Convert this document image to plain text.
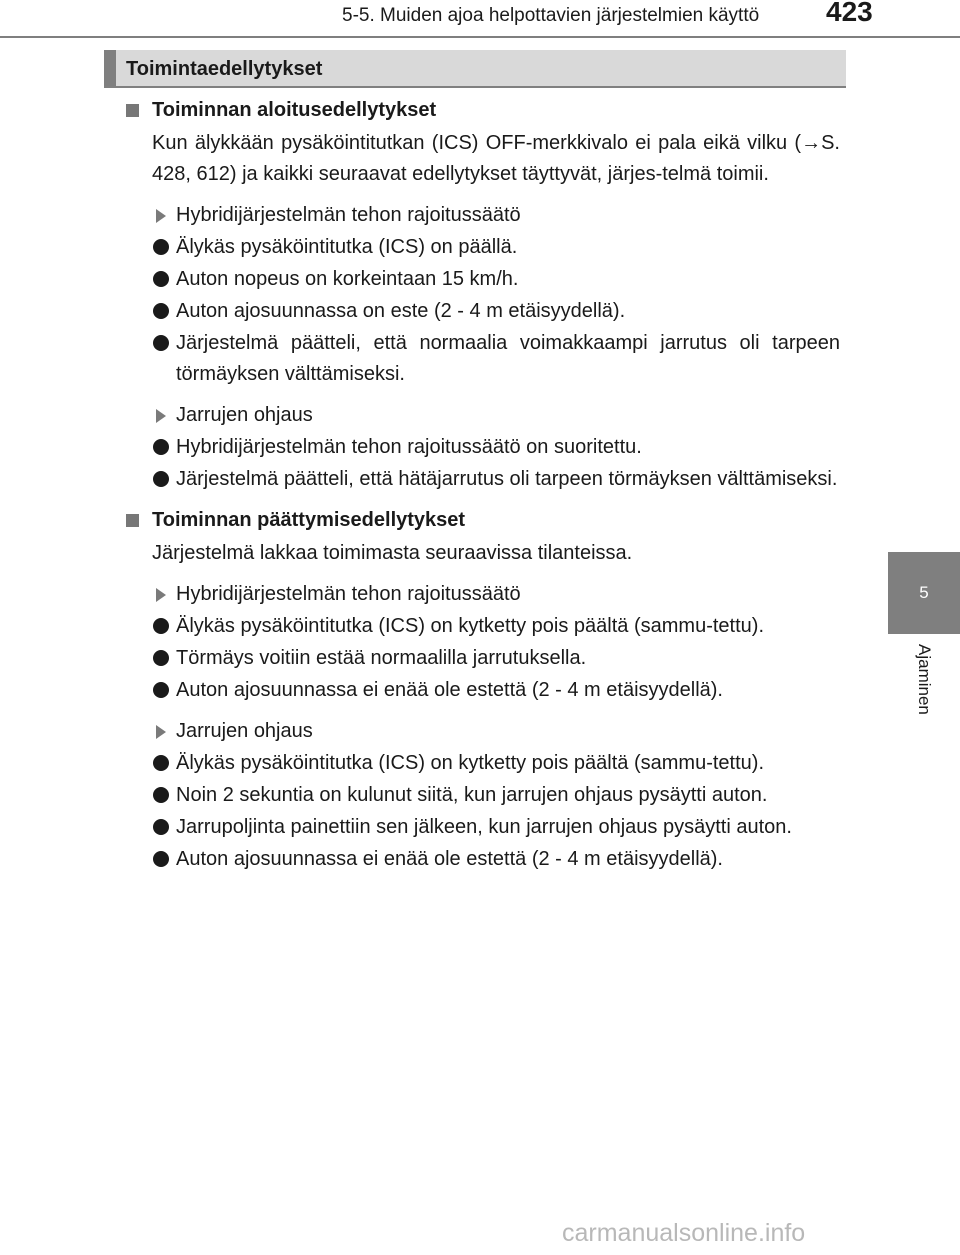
5-5. Muiden ajoa helpottavien järjestelmien käyttö 423
5
Ajaminen
Toimintaedellytykset
Toiminnan aloitusedellytykset
Kun älykkään pysäköintitutkan (ICS) OFF-merkkivalo ei pala eikä vilku (→S. 428, 612) ja kaikki seuraavat edellytykset täyttyvät, järjes-telmä toimii.
Hybridijärjestelmän tehon rajoitussäätö
Älykäs pysäköintitutka (ICS) on päällä.
Auton nopeus on korkeintaan 15 km/h.
Auton ajosuunnassa on este (2 - 4 m etäisyydellä).
Järjestelmä päätteli, että normaalia voimakkaampi jarrutus oli tarpeen törmäyksen välttämiseksi.
Jarrujen ohjaus
Hybridijärjestelmän tehon rajoitussäätö on suoritettu.
Järjestelmä päätteli, että hätäjarrutus oli tarpeen törmäyksen välttämiseksi.
Toiminnan päättymisedellytykset
Järjestelmä lakkaa toimimasta seuraavissa tilanteissa.
Hybridijärjestelmän tehon rajoitussäätö
Älykäs pysäköintitutka (ICS) on kytketty pois päältä (sammu-tettu).
Törmäys voitiin estää normaalilla jarrutuksella.
Auton ajosuunnassa ei enää ole estettä (2 - 4 m etäisyydellä).
Jarrujen ohjaus
Älykäs pysäköintitutka (ICS) on kytketty pois päältä (sammu-tettu).
Noin 2 sekuntia on kulunut siitä, kun jarrujen ohjaus pysäytti auton.
Jarrupoljinta painettiin sen jälkeen, kun jarrujen ohjaus pysäytti auton.
Auton ajosuunnassa ei enää ole estettä (2 - 4 m etäisyydellä).
carmanualsonline.info
